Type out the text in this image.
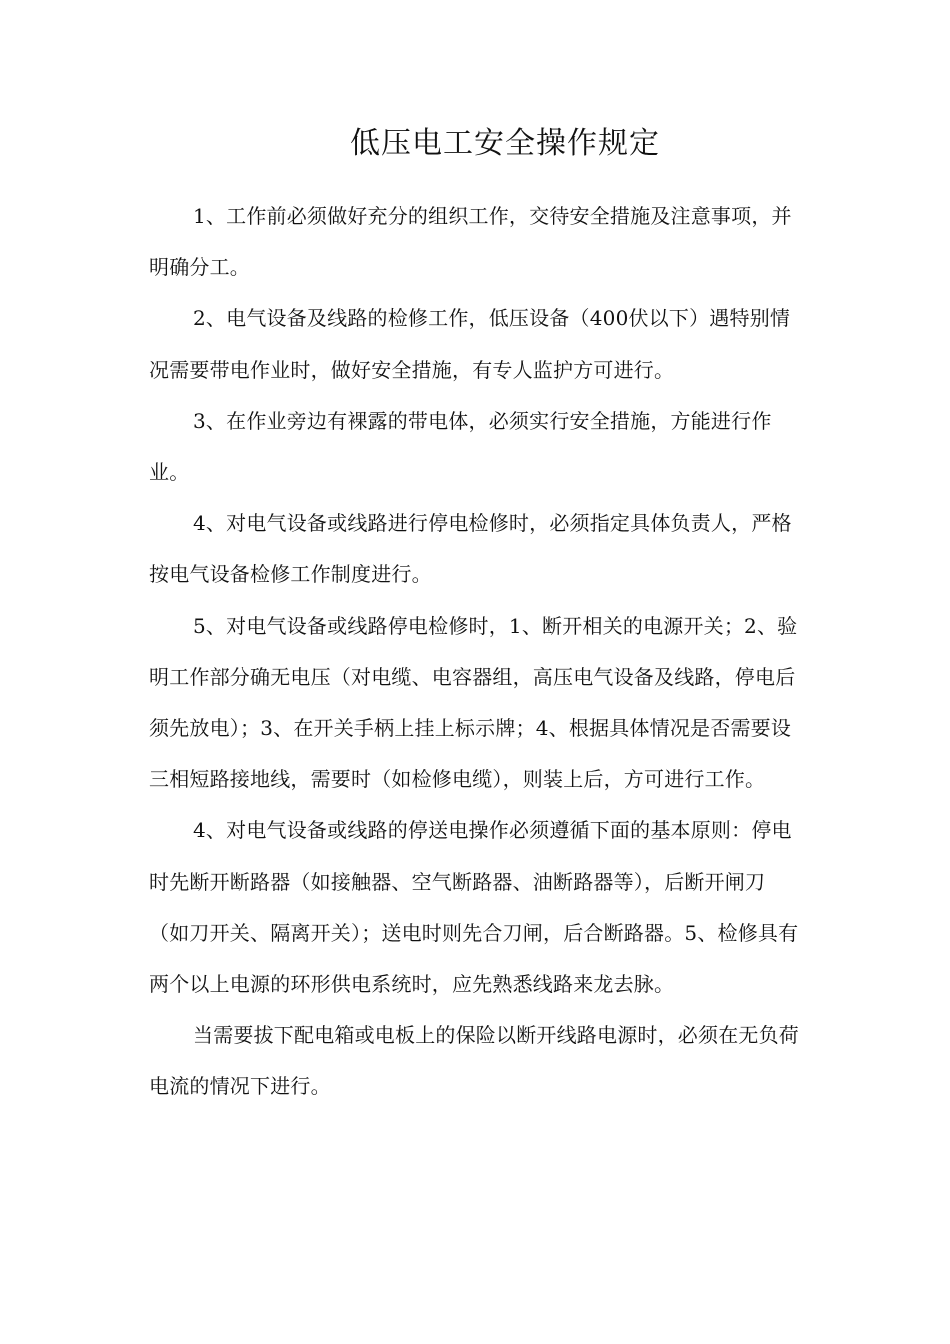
低压电工安全操作规定

1、工作前必须做好充分的组织工作，交待安全措施及注意事项，并明确分工。

2、电气设备及线路的检修工作，低压设备（400伏以下）遇特别情况需要带电作业时，做好安全措施，有专人监护方可进行。

3、在作业旁边有裸露的带电体，必须实行安全措施，方能进行作业。

4、对电气设备或线路进行停电检修时，必须指定具体负责人，严格按电气设备检修工作制度进行。

5、对电气设备或线路停电检修时，1、断开相关的电源开关；2、验明工作部分确无电压（对电缆、电容器组，高压电气设备及线路，停电后须先放电）；3、在开关手柄上挂上标示牌；4、根据具体情况是否需要设三相短路接地线，需要时（如检修电缆），则装上后，方可进行工作。

4、对电气设备或线路的停送电操作必须遵循下面的基本原则：停电时先断开断路器（如接触器、空气断路器、油断路器等），后断开闸刀（如刀开关、隔离开关）；送电时则先合刀闸，后合断路器。5、检修具有两个以上电源的环形供电系统时，应先熟悉线路来龙去脉。

当需要拔下配电箱或电板上的保险以断开线路电源时，必须在无负荷电流的情况下进行。
